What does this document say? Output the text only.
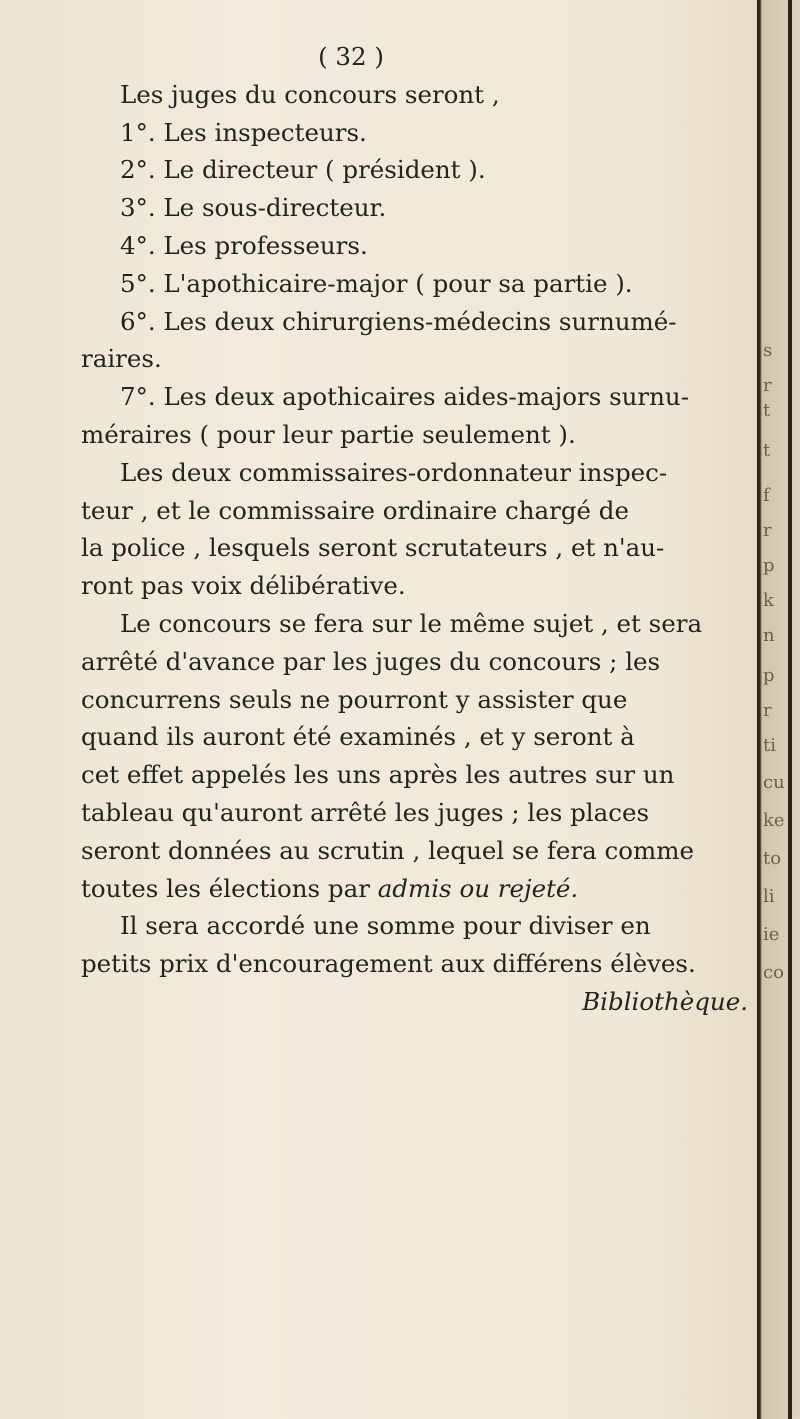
s
r
t
t
f
r
p
k
n
p
r
ti
cu
ke
to
li
ie
co
( 32 )
Les juges du concours seront ,
1°. Les inspecteurs.
2°. Le directeur ( président ).
3°. Le sous-directeur.
4°. Les professeurs.
5°. L'apothicaire-major ( pour sa partie ).
6°. Les deux chirurgiens-médecins surnumé-
raires.
7°. Les deux apothicaires aides-majors surnu-
méraires ( pour leur partie seulement ).
Les deux commissaires-ordonnateur inspec-
teur , et le commissaire ordinaire chargé de
la police , lesquels seront scrutateurs , et n'au-
ront pas voix délibérative.
Le concours se fera sur le même sujet , et sera
arrêté d'avance par les juges du concours ; les
concurrens seuls ne pourront y assister que
quand ils auront été examinés , et y seront à
cet effet appelés les uns après les autres sur un
tableau qu'auront arrêté les juges ; les places
seront données au scrutin , lequel se fera comme
toutes les élections par admis ou rejeté.
Il sera accordé une somme pour diviser en
petits prix d'encouragement aux différens élèves.
Bibliothèque.
